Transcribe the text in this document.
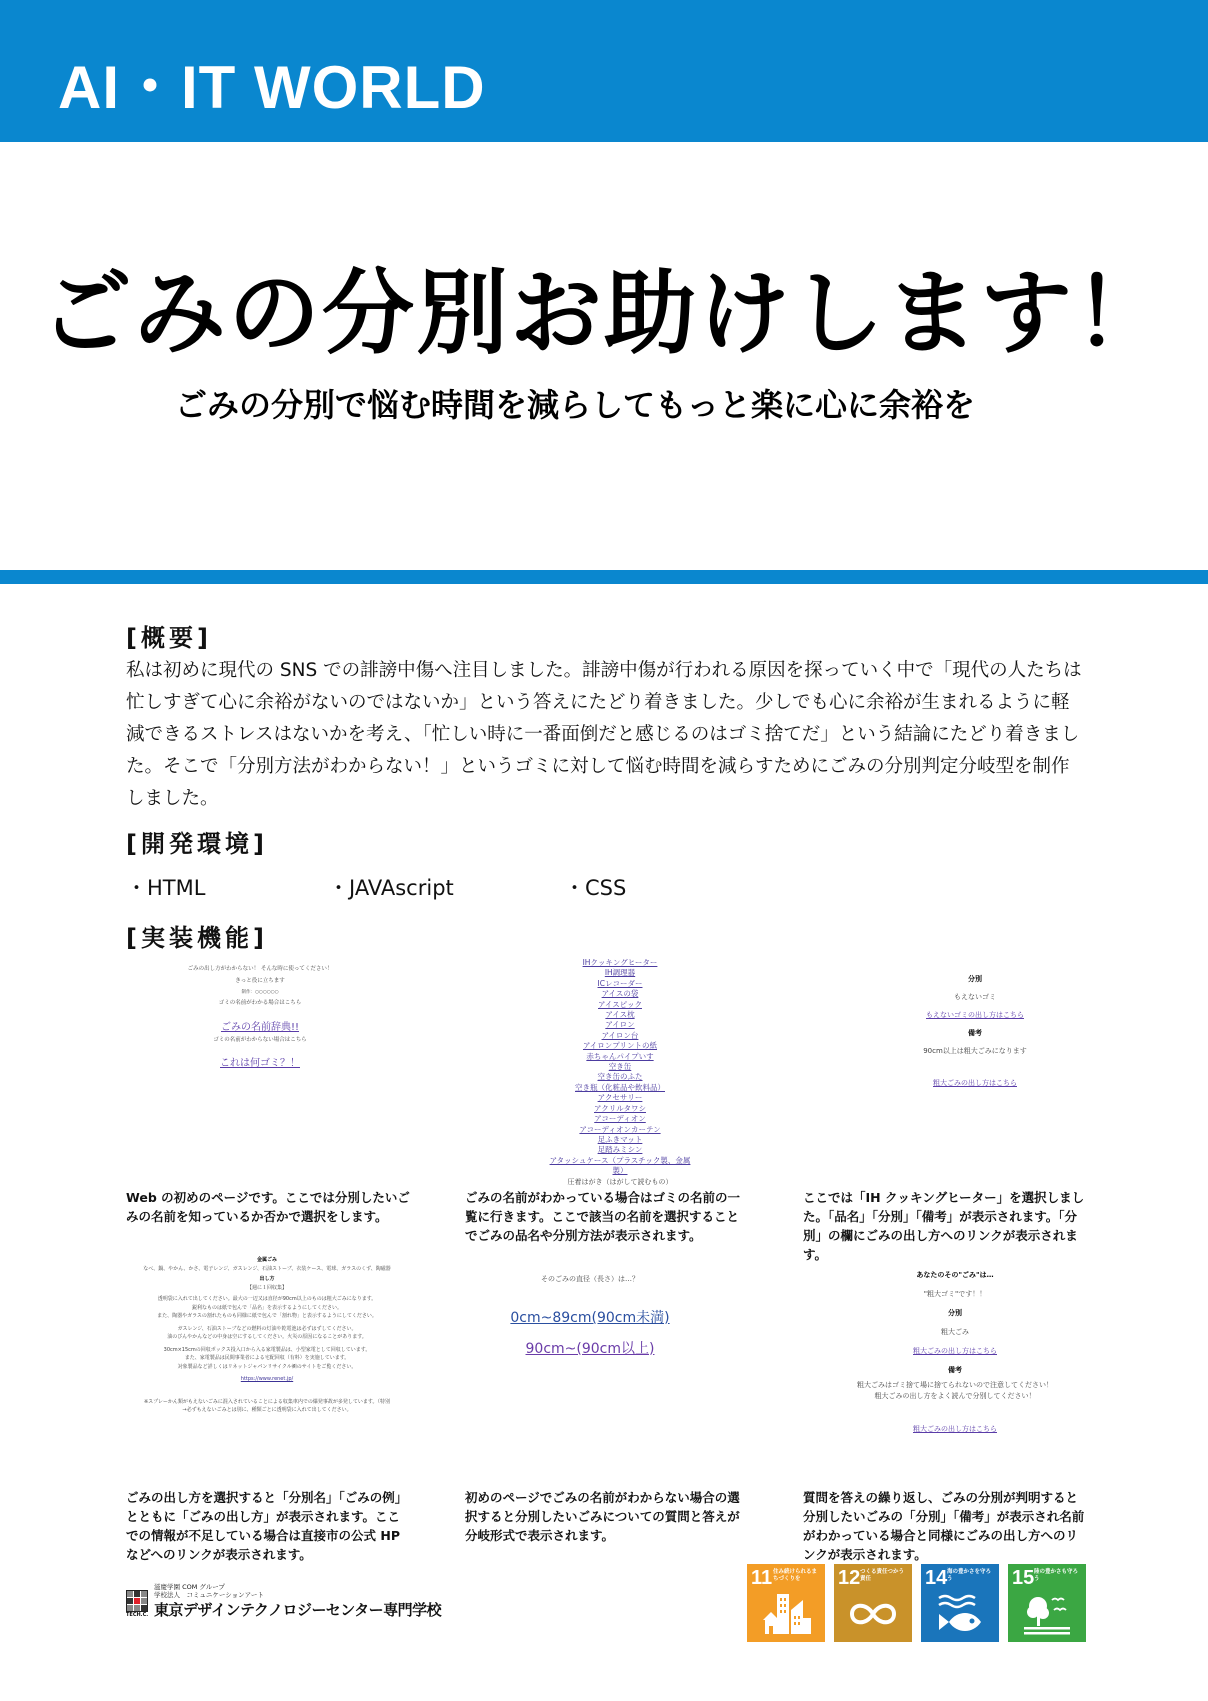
AI・IT WORLD
ごみの分別お助けします！
ごみの分別で悩む時間を減らしてもっと楽に心に余裕を
[概要]
私は初めに現代の SNS での誹謗中傷へ注目しました。誹謗中傷が行われる原因を探っていく中で「現代の人たちは忙しすぎて心に余裕がないのではないか」という答えにたどり着きました。少しでも心に余裕が生まれるように軽減できるストレスはないかを考え、「忙しい時に一番面倒だと感じるのはゴミ捨てだ」という結論にたどり着きました。そこで「分別方法がわからない！」というゴミに対して悩む時間を減らすためにごみの分別判定分岐型を制作しました。
[開発環境]
・HTML	・JAVAscript	・CSS
[実装機能]
ごみの出し方がわからない！ そんな時に使ってください！
きっと役に立ちます
制作：○○○○○○
ゴミの名前がわかる場合はこちら
ごみの名前辞典!!
ゴミの名前がわからない場合はこちら
これは何ゴミ？！
IHクッキングヒーター
IH調理器
ICレコーダー
アイスの袋
アイスピック
アイス枕
アイロン
アイロン台
アイロンプリントの紙
赤ちゃんパイプいす
空き缶
空き缶のふた
空き瓶（化粧品や飲料品）
アクセサリー
アクリルタワシ
アコーディオン
アコーディオンカーテン
足ふきマット
足踏みミシン
アタッシュケース（プラスチック製、金属製）
圧着はがき（はがして読むもの）
分別
もえないゴミ
もえないゴミの出し方はこちら
備考
90cm以上は粗大ごみになります
粗大ごみの出し方はこちら
Web の初めのページです。ここでは分別したいごみの名前を知っているか否かで選択をします。
ごみの名前がわかっている場合はゴミの名前の一覧に行きます。ここで該当の名前を選択することでごみの品名や分別方法が表示されます。
ここでは「IH クッキングヒーター」を選択しました。「品名」「分別」「備考」が表示されます。「分別」の欄にごみの出し方へのリンクが表示されます。
金属ごみ
なべ、鍋、やかん、かさ、電子レンジ、ガスレンジ、石油ストーブ、衣装ケース、電球、ガラスのくず、陶磁器
出し方
【週に１回収集】
透明袋に入れて出してください。最大の一辺又は直径が90cm以上のものは粗大ごみになります。
鋭利なものは紙で包んで「品名」を表示するようにしてください。
また、陶器やガラスの割れたものも同様に紙で包んで「割れ物」と表示するようにしてください。
ガスレンジ、石油ストーブなどの燃料の灯油や乾電池は必ずはずしてください。
油のびんやかんなどの中身は空にするしてください。火災の原因になることがあります。
30cm×15cmの回収ボックス投入口から入る家電製品は、小型家電として回収しています。
また、家電製品は民間事業者による宅配回収（有料）を実施しています。
対象製品など詳しくはリネットジャパンリサイクル㈱のサイトをご覧ください。
https://www.renet.jp/
※スプレーかん類がもえないごみに混入されていることによる収集車内での爆発事故が多発しています。（特別
→必ずもえないごみとは別に、種類ごとに透明袋に入れて出してください。
そのごみの直径（長さ）は…？
0cm~89cm(90cm未満)
90cm~(90cm以上)
あなたのその"ごみ"は…
"粗大ゴミ"です！！
分別
粗大ごみ
粗大ごみの出し方はこちら
備考
粗大ごみはゴミ捨て場に捨てられないので注意してください！
粗大ごみの出し方をよく読んで分別してください！
粗大ごみの出し方はこちら
ごみの出し方を選択すると「分別名」「ごみの例」とともに「ごみの出し方」が表示されます。ここでの情報が不足している場合は直接市の公式 HP などへのリンクが表示されます。
初めのページでごみの名前がわからない場合の選択すると分別したいごみについての質問と答えが分岐形式で表示されます。
質問を答えの繰り返し、ごみの分別が判明すると分別したいごみの「分別」「備考」が表示され名前がわかっている場合と同様にごみの出し方へのリンクが表示されます。
TECH.C.
滋慶学園 COM グループ
学校法人　コミュニケーションアート
東京デザインテクノロジーセンター専門学校
11 住み続けられるまちづくりを	12 つくる責任つかう責任	14 海の豊かさを守ろう	15 陸の豊かさも守ろう
